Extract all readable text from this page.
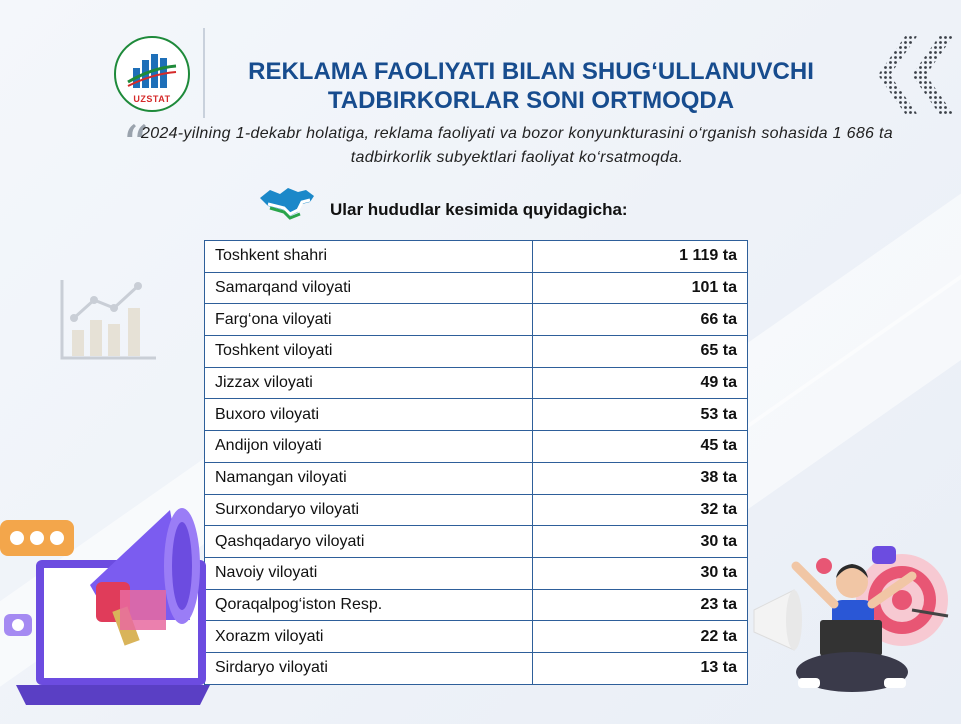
UZSTAT
REKLAMA FAOLIYATI BILAN SHUG‘ULLANUVCHI
TADBIRKORLAR SONI ORTMOQDA
“
2024-yilning 1-dekabr holatiga, reklama faoliyati va bozor konyunkturasini o‘rganish sohasida 1 686 ta tadbirkorlik subyektlari faoliyat ko‘rsatmoqda.
Ular hududlar kesimida quyidagicha:
Toshkent shahri	1 119 ta
Samarqand viloyati	101 ta
Farg‘ona viloyati	66 ta
Toshkent viloyati	65 ta
Jizzax viloyati	49 ta
Buxoro viloyati	53 ta
Andijon viloyati	45 ta
Namangan viloyati	38 ta
Surxondaryo viloyati	32 ta
Qashqadaryo viloyati	30 ta
Navoiy viloyati	30 ta
Qoraqalpog‘iston Resp.	23 ta
Xorazm viloyati	22 ta
Sirdaryo viloyati	13 ta
